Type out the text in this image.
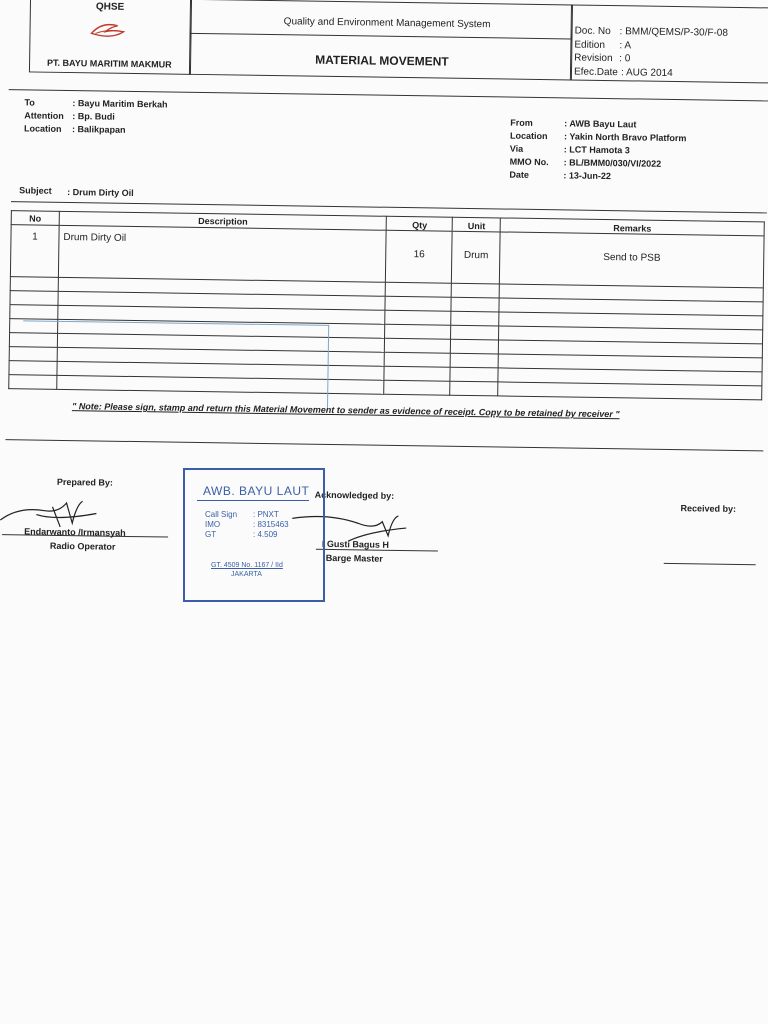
QHSE
PT. BAYU MARITIM MAKMUR
Quality and Environment Management System
MATERIAL MOVEMENT
Doc. No : BMM/QEMS/P-30/F-08
Edition : A
Revision : 0
Efec.Date : AUG 2014
To	: Bayu Maritim Berkah
Attention : Bp. Budi
Location : Balikpapan
From	: AWB Bayu Laut
Location : Yakin North Bravo Platform
Via	: LCT Hamota 3
MMO No. : BL/BMM0/030/VI/2022
Date	: 13-Jun-22
Subject : Drum Dirty Oil
No	Description	Qty	Unit	Remarks
1	Drum Dirty Oil	16	Drum	Send to PSB

" Note: Please sign, stamp and return this Material Movement to sender as evidence of receipt. Copy to be retained by receiver "
Prepared By:
Endarwanto /Irmansyah
Radio Operator
Acknowledged by:
I Gusti Bagus H
Barge Master
Received by:
AWB. BAYU LAUT
Call Sign : PNXT
IMO	: 8315463
GT	: 4.509
GT. 4509 No. 1167 / IId
JAKARTA
